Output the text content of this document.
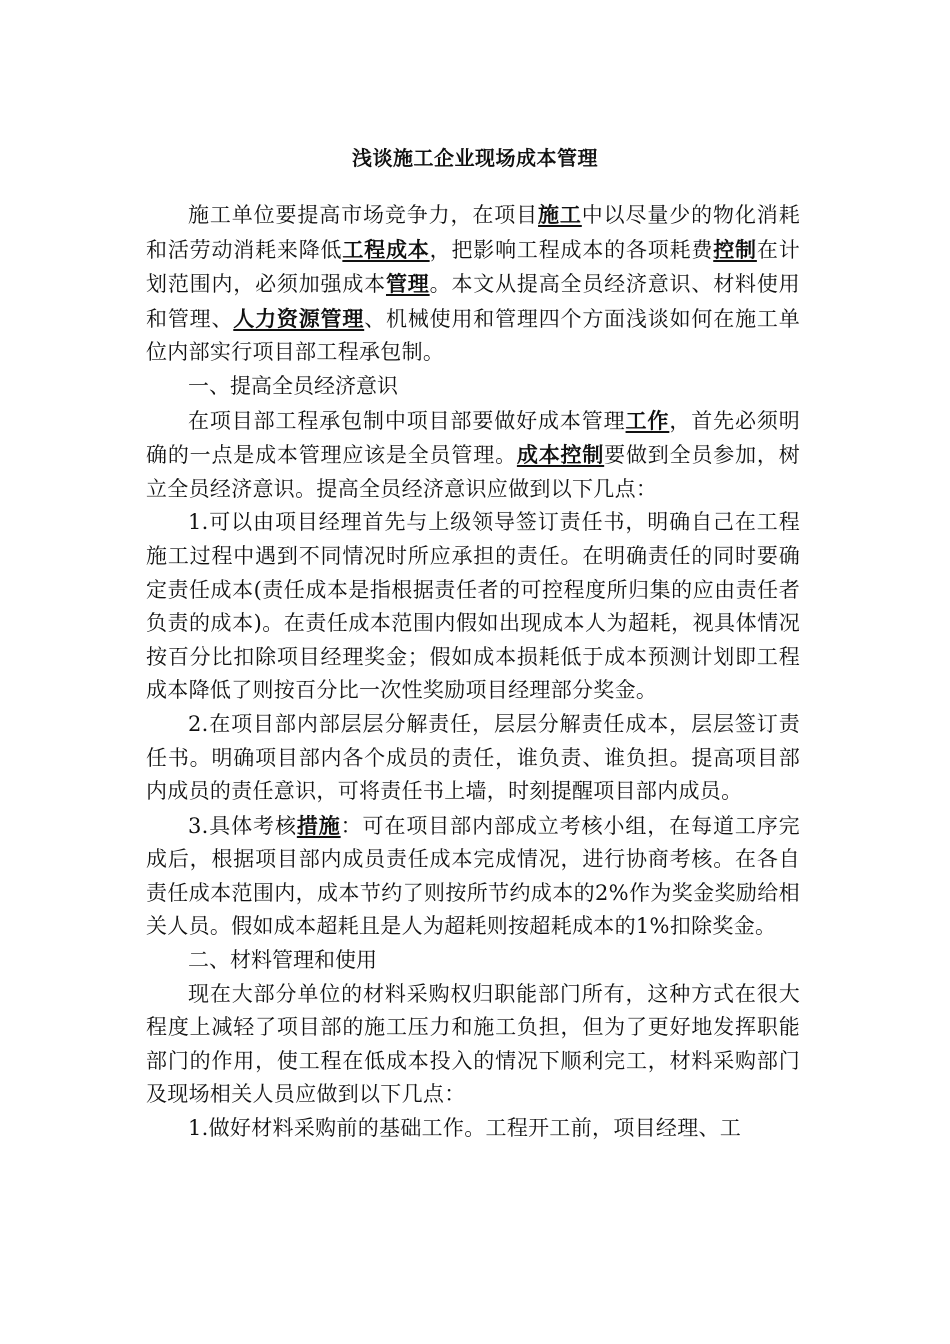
浅谈施工企业现场成本管理

施工单位要提高市场竞争力，在项目施工中以尽量少的物化消耗和活劳动消耗来降低工程成本，把影响工程成本的各项耗费控制在计划范围内，必须加强成本管理。本文从提高全员经济意识、材料使用和管理、人力资源管理、机械使用和管理四个方面浅谈如何在施工单位内部实行项目部工程承包制。

一、提高全员经济意识

在项目部工程承包制中项目部要做好成本管理工作，首先必须明确的一点是成本管理应该是全员管理。成本控制要做到全员参加，树立全员经济意识。提高全员经济意识应做到以下几点：

1.可以由项目经理首先与上级领导签订责任书，明确自己在工程施工过程中遇到不同情况时所应承担的责任。在明确责任的同时要确定责任成本(责任成本是指根据责任者的可控程度所归集的应由责任者负责的成本)。在责任成本范围内假如出现成本人为超耗，视具体情况按百分比扣除项目经理奖金；假如成本损耗低于成本预测计划即工程成本降低了则按百分比一次性奖励项目经理部分奖金。

2.在项目部内部层层分解责任，层层分解责任成本，层层签订责任书。明确项目部内各个成员的责任，谁负责、谁负担。提高项目部内成员的责任意识，可将责任书上墙，时刻提醒项目部内成员。

3.具体考核措施：可在项目部内部成立考核小组，在每道工序完成后，根据项目部内成员责任成本完成情况，进行协商考核。在各自责任成本范围内，成本节约了则按所节约成本的2%作为奖金奖励给相关人员。假如成本超耗且是人为超耗则按超耗成本的1%扣除奖金。

二、材料管理和使用

现在大部分单位的材料采购权归职能部门所有，这种方式在很大程度上减轻了项目部的施工压力和施工负担，但为了更好地发挥职能部门的作用，使工程在低成本投入的情况下顺利完工，材料采购部门及现场相关人员应做到以下几点：

1.做好材料采购前的基础工作。工程开工前，项目经理、工
